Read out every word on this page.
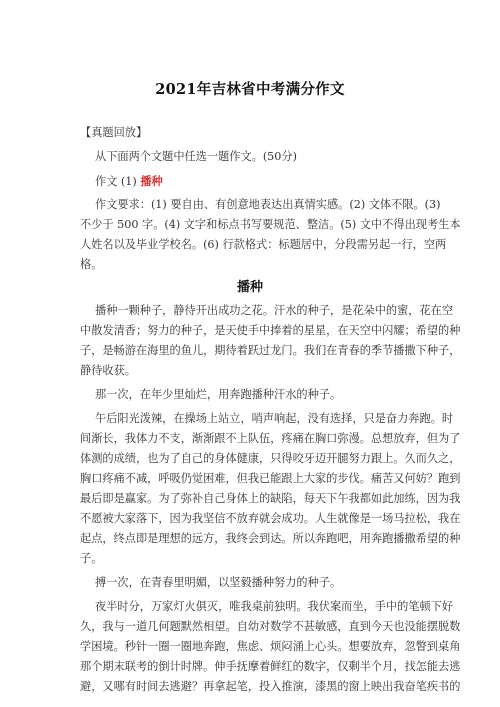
2021年吉林省中考满分作文
【真题回放】
从下面两个文题中任选一题作文。(50分)
作文 (1) 播种
作文要求：(1) 要自由、有创意地表达出真情实感。(2) 文体不限。(3)
不少于 500 字。(4) 文字和标点书写要规范、整洁。(5) 文中不得出现考生本
人姓名以及毕业学校名。(6) 行款格式：标题居中，分段需另起一行，空两
格。
播种
播种一颗种子，静待开出成功之花。汗水的种子，是花朵中的蜜，花在空
中散发清香；努力的种子，是天使手中捧着的星星，在天空中闪耀；希望的种
子，是畅游在海里的鱼儿，期待着跃过龙门。我们在青春的季节播撒下种子，
静待收获。
那一次，在年少里灿烂，用奔跑播种汗水的种子。
午后阳光泼辣，在操场上站立，哨声响起，没有选择，只是奋力奔跑。时
间渐长，我体力不支，渐渐跟不上队伍，疼痛在胸口弥漫。总想放弃，但为了
体测的成绩，也为了自己的身体健康，只得咬牙迈开腿努力跟上。久而久之，
胸口疼痛不减，呼吸仍觉困难，但我已能跟上大家的步伐。痛苦又何妨？跑到
最后即是赢家。为了弥补自己身体上的缺陷，每天下午我都如此加练，因为我
不愿被大家落下，因为我坚信不放弃就会成功。人生就像是一场马拉松，我在
起点，终点即是理想的远方，我终会到达。所以奔跑吧，用奔跑播撒希望的种
子。
搏一次，在青春里明媚，以坚毅播种努力的种子。
夜半时分，万家灯火俱灭，唯我桌前独明。我伏案而坐，手中的笔顿下好
久，我与一道几何题默然相望。自幼对数学不甚敏感，直到今天也没能摆脱数
学困境。秒针一圈一圈地奔跑，焦虑、烦闷涌上心头。想要放弃，忽瞥到桌角
那个期末联考的倒计时牌。伸手抚摩着鲜红的数字，仅剩半个月，找怎能去逃
避，又哪有时间去逃避？再拿起笔，投入推演，漆黑的窗上映出我奋笔疾书的
